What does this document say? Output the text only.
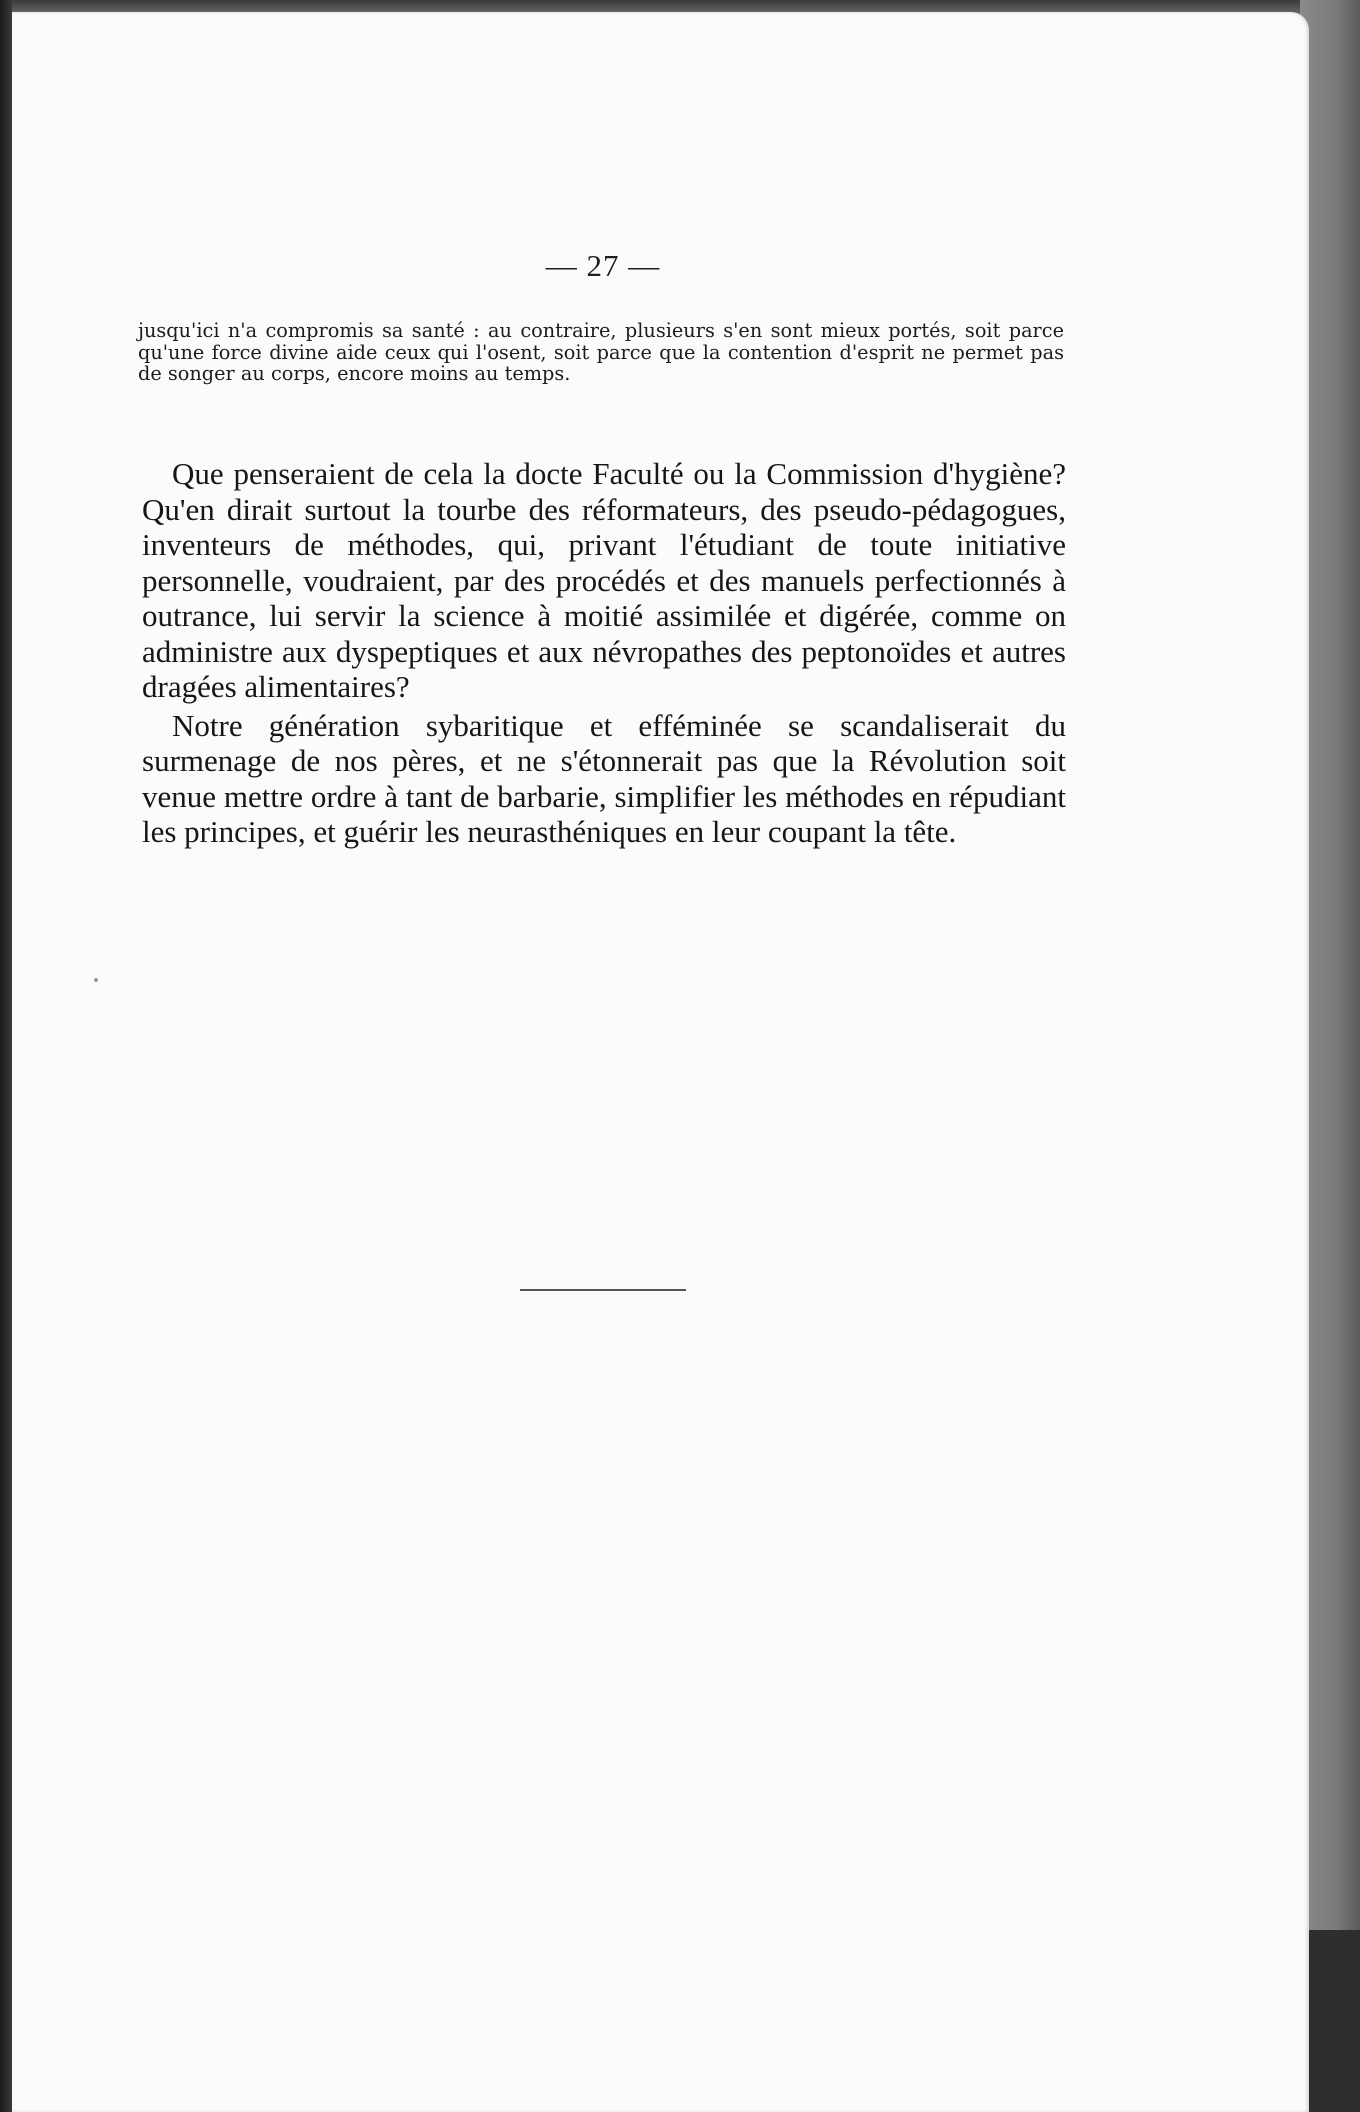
— 27 —

jusqu'ici n'a compromis sa santé : au contraire, plusieurs s'en sont mieux portés, soit parce qu'une force divine aide ceux qui l'osent, soit parce que la contention d'esprit ne permet pas de songer au corps, encore moins au temps.

Que penseraient de cela la docte Faculté ou la Commission d'hygiène? Qu'en dirait surtout la tourbe des réformateurs, des pseudo-pédagogues, inventeurs de méthodes, qui, privant l'étudiant de toute initiative personnelle, voudraient, par des procédés et des manuels perfectionnés à outrance, lui servir la science à moitié assimilée et digérée, comme on administre aux dyspeptiques et aux névropathes des peptonoïdes et autres dragées alimentaires?

Notre génération sybaritique et efféminée se scandaliserait du surmenage de nos pères, et ne s'étonnerait pas que la Révolution soit venue mettre ordre à tant de barbarie, simplifier les méthodes en répudiant les principes, et guérir les neurasthéniques en leur coupant la tête.
